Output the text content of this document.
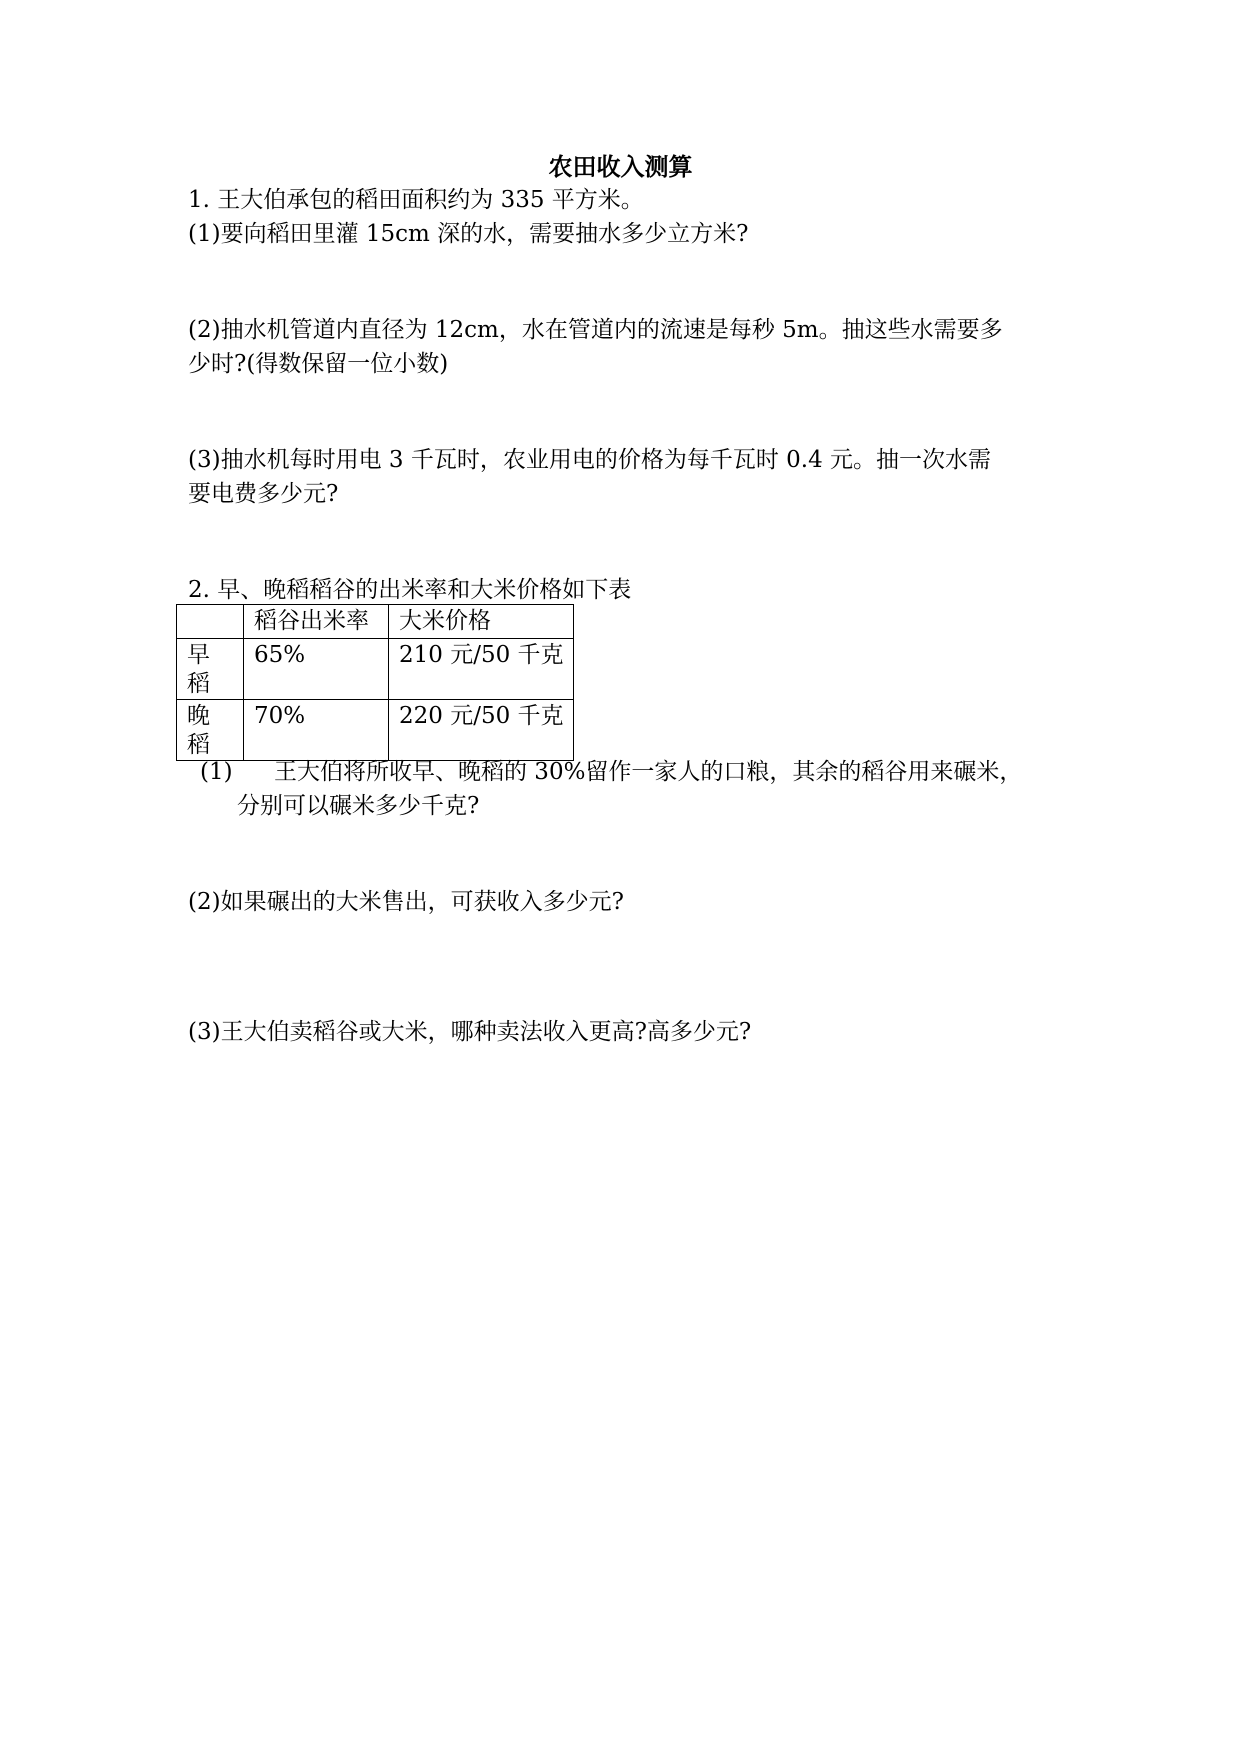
农田收入测算
1. 王大伯承包的稻田面积约为 335 平方米。
(1)要向稻田里灌 15cm 深的水，需要抽水多少立方米?
(2)抽水机管道内直径为 12cm，水在管道内的流速是每秒 5m。抽这些水需要多
少时?(得数保留一位小数)
(3)抽水机每时用电 3 千瓦时，农业用电的价格为每千瓦时 0.4 元。抽一次水需
要电费多少元?
2. 早、晚稻稻谷的出米率和大米价格如下表
	稻谷出米率	大米价格

早稻	65%	210 元/50 千克

晚稻	70%	220 元/50 千克
(1) 王大伯将所收早、晚稻的 30%留作一家人的口粮，其余的稻谷用来碾米，
分别可以碾米多少千克?
(2)如果碾出的大米售出，可获收入多少元?
(3)王大伯卖稻谷或大米，哪种卖法收入更高?高多少元?
